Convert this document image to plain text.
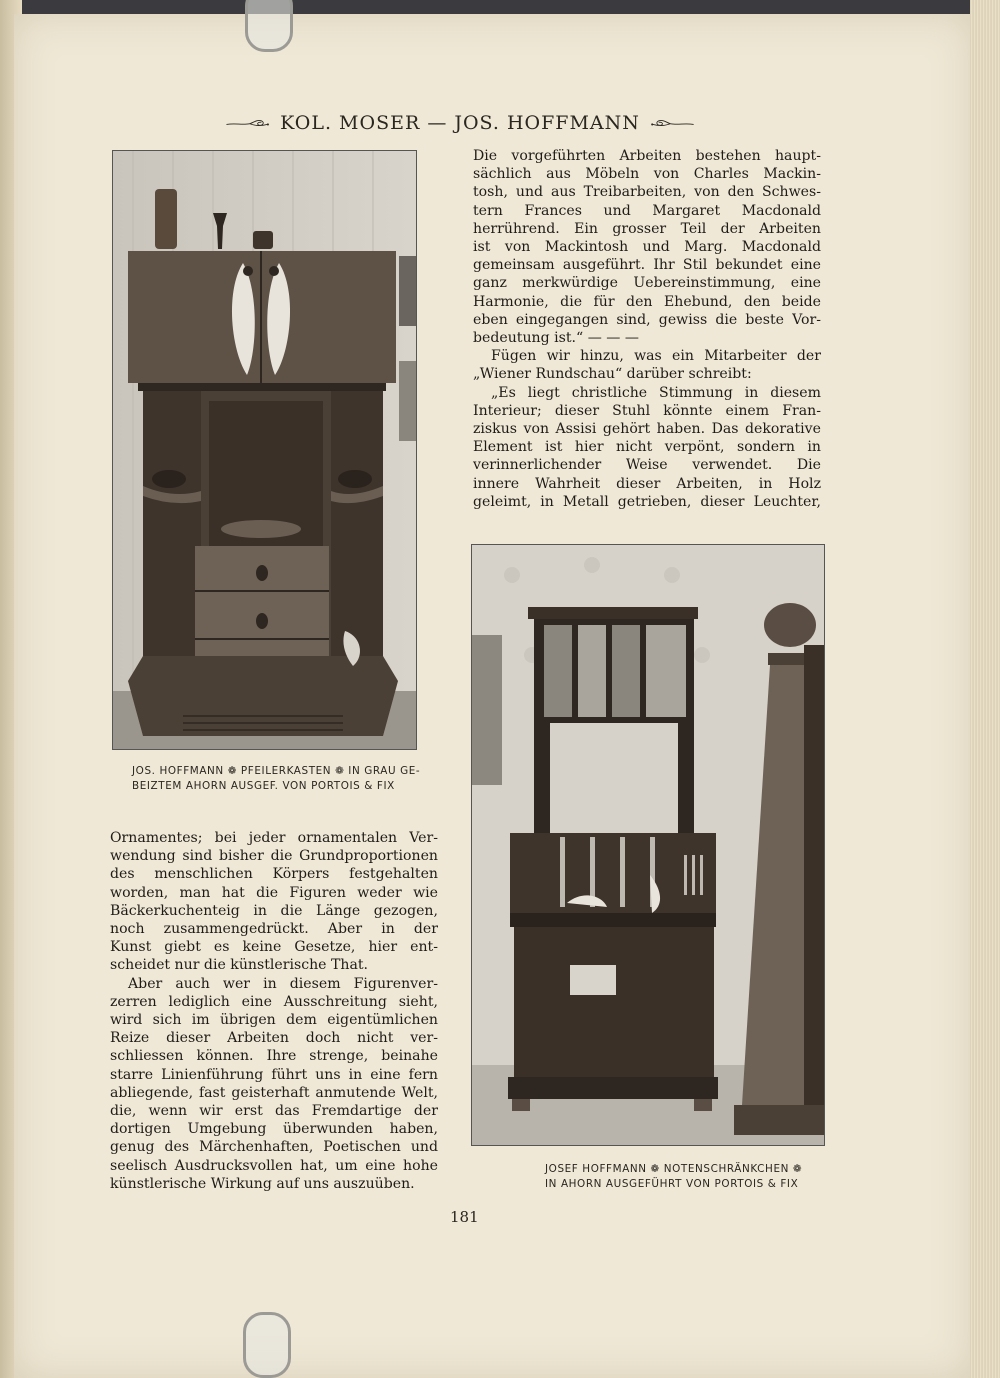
KOL. MOSER — JOS. HOFFMANN
JOS. HOFFMANN ❁ PFEILERKASTEN ❁ IN GRAU GE-
BEIZTEM AHORN AUSGEF. VON PORTOIS & FIX

Die vorgeführten Arbeiten bestehen haupt-
sächlich aus Möbeln von Charles Mackin-
tosh, und aus Treibarbeiten, von den Schwes-
tern Frances und Margaret Macdonald
herrührend. Ein grosser Teil der Arbeiten
ist von Mackintosh und Marg. Macdonald
gemeinsam ausgeführt. Ihr Stil bekundet eine
ganz merkwürdige Uebereinstimmung, eine
Harmonie, die für den Ehebund, den beide
eben eingegangen sind, gewiss die beste Vor-
bedeutung ist.“ — — —

Fügen wir hinzu, was ein Mitarbeiter der
„Wiener Rundschau“ darüber schreibt:

„Es liegt christliche Stimmung in diesem
Interieur; dieser Stuhl könnte einem Fran-
ziskus von Assisi gehört haben. Das dekorative
Element ist hier nicht verpönt, sondern in
verinnerlichender Weise verwendet. Die
innere Wahrheit dieser Arbeiten, in Holz
geleimt, in Metall getrieben, dieser Leuchter,

JOSEF HOFFMANN ❁ NOTENSCHRÄNKCHEN ❁
IN AHORN AUSGEFÜHRT VON PORTOIS & FIX

Ornamentes; bei jeder ornamentalen Ver-
wendung sind bisher die Grundproportionen
des menschlichen Körpers festgehalten
worden, man hat die Figuren weder wie
Bäckerkuchenteig in die Länge gezogen,
noch zusammengedrückt. Aber in der
Kunst giebt es keine Gesetze, hier ent-
scheidet nur die künstlerische That.

Aber auch wer in diesem Figurenver-
zerren lediglich eine Ausschreitung sieht,
wird sich im übrigen dem eigentümlichen
Reize dieser Arbeiten doch nicht ver-
schliessen können. Ihre strenge, beinahe
starre Linienführung führt uns in eine fern
abliegende, fast geisterhaft anmutende Welt,
die, wenn wir erst das Fremdartige der
dortigen Umgebung überwunden haben,
genug des Märchenhaften, Poetischen und
seelisch Ausdrucksvollen hat, um eine hohe
künstlerische Wirkung auf uns auszuüben.

181
